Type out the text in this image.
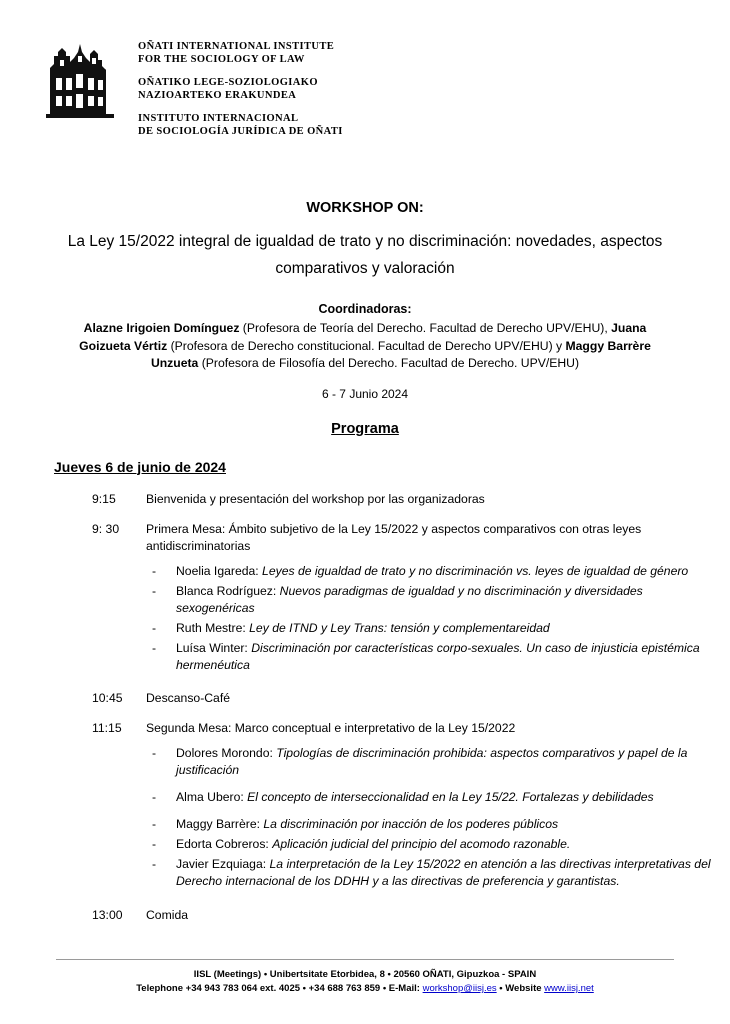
OÑATI INTERNATIONAL INSTITUTE
FOR THE SOCIOLOGY OF LAW
OÑATIKO LEGE-SOZIOLOGIAKO
NAZIOARTEKO ERAKUNDEA
INSTITUTO INTERNACIONAL
DE SOCIOLOGÍA JURÍDICA DE OÑATI
WORKSHOP ON:
La Ley 15/2022 integral de igualdad de trato y no discriminación: novedades, aspectos comparativos y valoración
Coordinadoras:
Alazne Irigoien Domínguez (Profesora de Teoría del Derecho. Facultad de Derecho UPV/EHU), Juana Goizueta Vértiz (Profesora de Derecho constitucional. Facultad de Derecho UPV/EHU) y Maggy Barrère Unzueta (Profesora de Filosofía del Derecho. Facultad de Derecho. UPV/EHU)
6 - 7 Junio 2024
Programa
Jueves 6 de junio de 2024
9:15	Bienvenida y presentación del workshop por las organizadoras
9: 30	Primera Mesa: Ámbito subjetivo de la Ley 15/2022 y aspectos comparativos con otras leyes antidiscriminatorias
-	Noelia Igareda: Leyes de igualdad de trato y no discriminación vs. leyes de igualdad de género
-	Blanca Rodríguez: Nuevos paradigmas de igualdad y no discriminación y diversidades sexogenéricas
-	Ruth Mestre: Ley de ITND y Ley Trans: tensión y complementareidad
-	Luísa Winter: Discriminación por características corpo-sexuales. Un caso de injusticia epistémica hermenéutica
10:45	Descanso-Café
11:15	Segunda Mesa: Marco conceptual e interpretativo de la Ley 15/2022
-	Dolores Morondo: Tipologías de discriminación prohibida: aspectos comparativos y papel de la justificación
-	Alma Ubero: El concepto de interseccionalidad en la Ley 15/22. Fortalezas y debilidades
-	Maggy Barrère: La discriminación por inacción de los poderes públicos
-	Edorta Cobreros: Aplicación judicial del principio del acomodo razonable.
-	Javier Ezquiaga: La interpretación de la Ley 15/2022 en atención a las directivas interpretativas del Derecho internacional de los DDHH y a las directivas de preferencia y garantistas.
13:00	Comida
IISL (Meetings) • Unibertsitate Etorbidea, 8 • 20560 OÑATI, Gipuzkoa - SPAIN
Telephone +34 943 783 064 ext. 4025 • +34 688 763 859 • E-Mail: workshop@iisj.es • Website www.iisj.net
